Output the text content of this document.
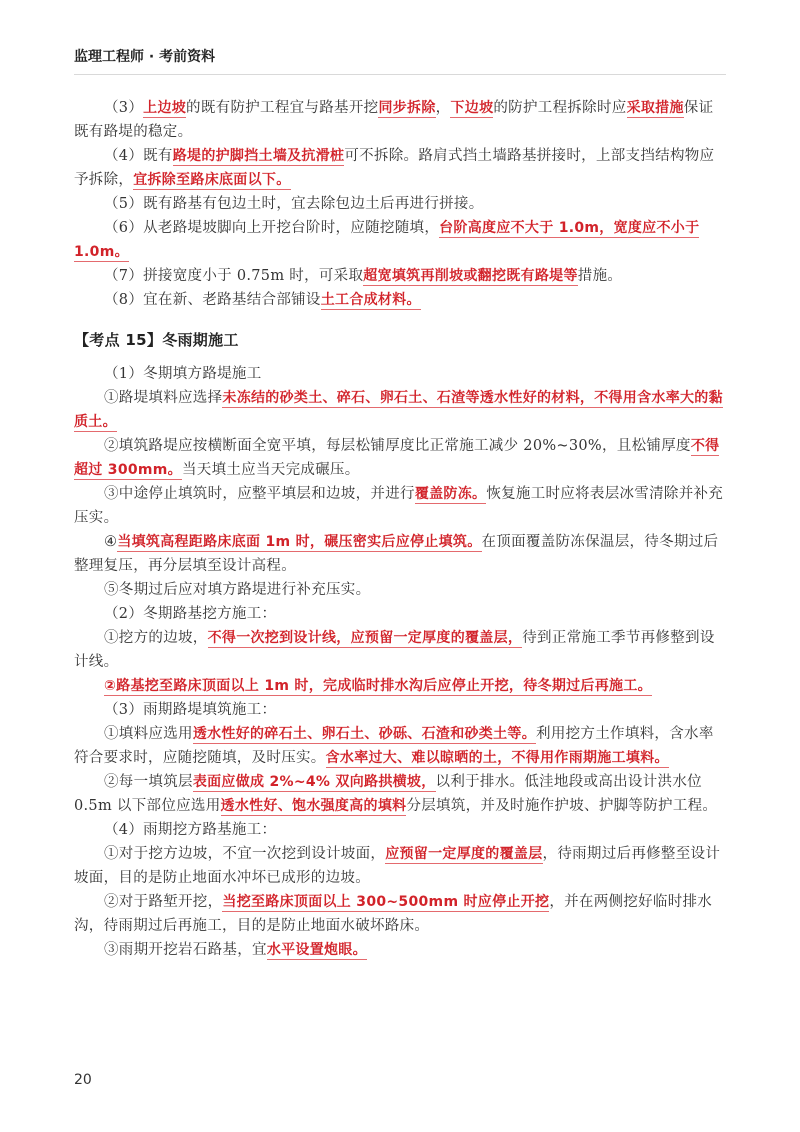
监理工程师 · 考前资料

（3）上边坡的既有防护工程宜与路基开挖同步拆除，下边坡的防护工程拆除时应采取措施保证既有路堤的稳定。

（4）既有路堤的护脚挡土墙及抗滑桩可不拆除。路肩式挡土墙路基拼接时，上部支挡结构物应予拆除，宜拆除至路床底面以下。

（5）既有路基有包边土时，宜去除包边土后再进行拼接。

（6）从老路堤坡脚向上开挖台阶时，应随挖随填，台阶高度应不大于 1.0m，宽度应不小于 1.0m。

（7）拼接宽度小于 0.75m 时，可采取超宽填筑再削坡或翻挖既有路堤等措施。

（8）宜在新、老路基结合部铺设土工合成材料。

【考点 15】冬雨期施工

（1）冬期填方路堤施工

①路堤填料应选择未冻结的砂类土、碎石、卵石土、石渣等透水性好的材料，不得用含水率大的黏质土。

②填筑路堤应按横断面全宽平填，每层松铺厚度比正常施工减少 20%~30%，且松铺厚度不得超过 300mm。当天填土应当天完成碾压。

③中途停止填筑时，应整平填层和边坡，并进行覆盖防冻。恢复施工时应将表层冰雪清除并补充压实。

④当填筑高程距路床底面 1m 时，碾压密实后应停止填筑。在顶面覆盖防冻保温层，待冬期过后整理复压，再分层填至设计高程。

⑤冬期过后应对填方路堤进行补充压实。

（2）冬期路基挖方施工：

①挖方的边坡，不得一次挖到设计线，应预留一定厚度的覆盖层，待到正常施工季节再修整到设计线。

②路基挖至路床顶面以上 1m 时，完成临时排水沟后应停止开挖，待冬期过后再施工。

（3）雨期路堤填筑施工：

①填料应选用透水性好的碎石土、卵石土、砂砾、石渣和砂类土等。利用挖方土作填料，含水率符合要求时，应随挖随填，及时压实。含水率过大、难以晾晒的土，不得用作雨期施工填料。

②每一填筑层表面应做成 2%~4% 双向路拱横坡，以利于排水。低洼地段或高出设计洪水位 0.5m 以下部位应选用透水性好、饱水强度高的填料分层填筑，并及时施作护坡、护脚等防护工程。

（4）雨期挖方路基施工：

①对于挖方边坡，不宜一次挖到设计坡面，应预留一定厚度的覆盖层，待雨期过后再修整至设计坡面，目的是防止地面水冲坏已成形的边坡。

②对于路堑开挖，当挖至路床顶面以上 300~500mm 时应停止开挖，并在两侧挖好临时排水沟，待雨期过后再施工，目的是防止地面水破坏路床。

③雨期开挖岩石路基，宜水平设置炮眼。

20
